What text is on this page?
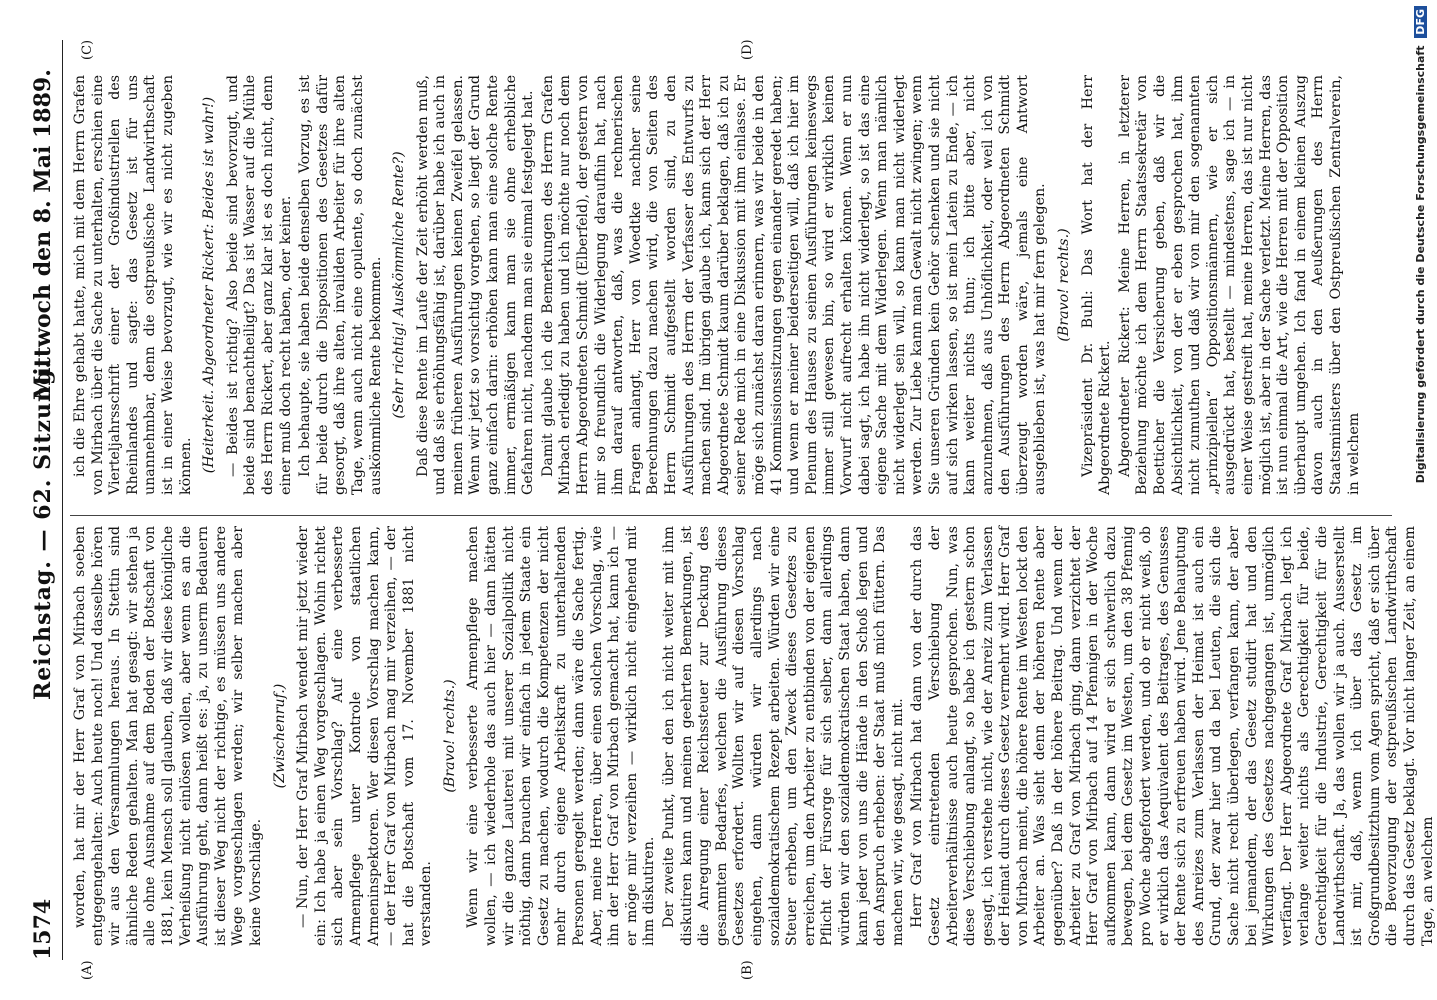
1574
Reichstag. — 62. Sitzung.
Mittwoch den 8. Mai 1889.
(A)	(B)
(C)	(D)

worden, hat mir der Herr Graf von Mirbach soeben entgegengehalten: Auch heute noch! Und dasselbe hören wir aus den Versammlungen heraus. In Stettin sind ähnliche Reden gehalten. Man hat gesagt: wir stehen ja alle ohne Ausnahme auf dem Boden der Botschaft von 1881, kein Mensch soll glauben, daß wir diese königliche Verheißung nicht einlösen wollen, aber wenn es an die Ausführung geht, dann heißt es: ja, zu unserm Bedauern ist dieser Weg nicht der richtige, es müssen uns andere Wege vorgeschlagen werden; wir selber machen aber keine Vorschläge.

(Zwischenruf.) — Nun, der Herr Graf Mirbach wendet mir jetzt wieder ein: Ich habe ja einen Weg vorgeschlagen. Wohin richtet sich aber sein Vorschlag? Auf eine verbesserte Armenpflege unter Kontrole von staatlichen Armeninspektoren. Wer diesen Vorschlag machen kann, — der Herr Graf von Mirbach mag mir verzeihen, — der hat die Botschaft vom 17. November 1881 nicht verstanden.

(Bravo! rechts.) Wenn wir eine verbesserte Armenpflege machen wollen, — ich wiederhole das auch hier — dann hätten wir die ganze Lauterei mit unserer Sozialpolitik nicht nöthig, dann brauchen wir einfach in jedem Staate ein Gesetz zu machen, wodurch die Kompetenzen der nicht mehr durch eigene Arbeitskraft zu unterhaltenden Personen geregelt werden; dann wäre die Sache fertig. Aber, meine Herren, über einen solchen Vorschlag, wie ihn der Herr Graf von Mirbach gemacht hat, kann ich — er möge mir verzeihen — wirklich nicht eingehend mit ihm diskutiren. Der zweite Punkt, über den ich nicht weiter mit ihm diskutiren kann und meinen geehrten Bemerkungen, ist die Anregung einer Reichssteuer zur Deckung des gesammten Bedarfes, welchen die Ausführung dieses Gesetzes erfordert. Wollten wir auf diesen Vorschlag eingehen, dann würden wir allerdings nach sozialdemokratischem Rezept arbeiten. Würden wir eine Steuer erheben, um den Zweck dieses Gesetzes zu erreichen, um den Arbeiter zu entbinden von der eigenen Pflicht der Fürsorge für sich selber, dann allerdings würden wir den sozialdemokratischen Staat haben, dann kann jeder von uns die Hände in den Schoß legen und den Anspruch erheben: der Staat muß mich füttern. Das machen wir, wie gesagt, nicht mit. Herr Graf von Mirbach hat dann von der durch das Gesetz eintretenden Verschiebung der Arbeiterverhältnisse auch heute gesprochen. Nun, was diese Verschiebung anlangt, so habe ich gestern schon gesagt, ich verstehe nicht, wie der Anreiz zum Verlassen der Heimat durch dieses Gesetz vermehrt wird. Herr Graf von Mirbach meint, die höhere Rente im Westen lockt den Arbeiter an. Was sieht denn der höheren Rente aber gegenüber? Daß in der höhere Beitrag. Und wenn der Arbeiter zu Graf von Mirbach ging, dann verzichtet der Herr Graf von Mirbach auf 14 Pfennigen in der Woche aufkommen kann, dann wird er sich schwerlich dazu bewegen, bei dem Gesetz im Westen, um den 38 Pfennig pro Woche abgefordert werden, und ob er nicht weiß, ob er wirklich das Aequivalent des Beitrages, des Genusses der Rente sich zu erfreuen haben wird. Jene Behauptung des Anreizes zum Verlassen der Heimat ist auch ein Grund, der zwar hier und da bei Leuten, die sich die Sache nicht recht überlegen, verfangen kann, der aber bei jemandem, der das Gesetz studirt hat und den Wirkungen des Gesetzes nachgegangen ist, unmöglich verfängt. Der Herr Abgeordnete Graf Mirbach legt ich verlange weiter nichts als Gerechtigkeit für beide, Gerechtigkeit für die Industrie, Gerechtigkeit für die Landwirthschaft. Ja, das wollen wir ja auch. Ausserstellt ist mir, daß, wenn ich über das Gesetz im Großgrundbesitzthum vom Agen spricht, daß er sich über die Bevorzugung der ostpreußischen Landwirthschaft durch das Gesetz beklagt. Vor nicht langer Zeit, an einem Tage, an welchem

ich die Ehre gehabt hatte, mich mit dem Herrn Grafen von Mirbach über die Sache zu unterhalten, erschien eine Vierteljahrsschrift einer der Großindustriellen des Rheinlandes und sagte: das Gesetz ist für uns unannehmbar, denn die ostpreußische Landwirthschaft ist in einer Weise bevorzugt, wie wir es nicht zugeben können. (Heiterkeit. Abgeordneter Rickert: Beides ist wahr!) — Beides ist richtig? Also beide sind bevorzugt, und beide sind benachtheiligt? Das ist Wasser auf die Mühle des Herrn Rickert, aber ganz klar ist es doch nicht, denn einer muß doch recht haben, oder keiner. Ich behaupte, sie haben beide denselben Vorzug, es ist für beide durch die Dispositionen des Gesetzes dafür gesorgt, daß ihre alten, invaliden Arbeiter für ihre alten Tage, wenn auch nicht eine opulente, so doch zunächst auskömmliche Rente bekommen. (Sehr richtig! Auskömmliche Rente?) Daß diese Rente im Laufe der Zeit erhöht werden muß, und daß sie erhöhungsfähig ist, darüber habe ich auch in meinen früheren Ausführungen keinen Zweifel gelassen. Wenn wir jetzt so vorsichtig vorgehen, so liegt der Grund ganz einfach darin: erhöhen kann man eine solche Rente immer, ermäßigen kann man sie ohne erhebliche Gefahren nicht, nachdem man sie einmal festgelegt hat. Damit glaube ich die Bemerkungen des Herrn Grafen Mirbach erledigt zu haben und ich möchte nur noch dem Herrn Abgeordneten Schmidt (Elberfeld), der gestern von mir so freundlich die Widerlegung daraufhin hat, nach ihm darauf antworten, daß, was die rechnerischen Fragen anlangt, Herr von Woedtke nachher seine Berechnungen dazu machen wird, die von Seiten des Herrn Schmidt aufgestellt worden sind, zu den Ausführungen des Herrn der Verfasser des Entwurfs zu machen sind. Im übrigen glaube ich, kann sich der Herr Abgeordnete Schmidt kaum darüber beklagen, daß ich zu seiner Rede mich in eine Diskussion mit ihm einlasse. Er möge sich zunächst daran erinnern, was wir beide in den 41 Kommissionssitzungen gegen einander geredet haben; und wenn er meiner beiderseitigen will, daß ich hier im Plenum des Hauses zu seinen Ausführungen keineswegs immer still gewesen bin, so wird er wirklich keinen Vorwurf nicht aufrecht erhalten können. Wenn er nun dabei sagt, ich habe ihn nicht widerlegt, so ist das eine eigene Sache mit dem Widerlegen. Wenn man nämlich nicht widerlegt sein will, so kann man nicht widerlegt werden. Zur Liebe kann man Gewalt nicht zwingen; wenn Sie unseren Gründen kein Gehör schenken und sie nicht auf sich wirken lassen, so ist mein Latein zu Ende, — ich kann weiter nichts thun; ich bitte aber, nicht anzunehmen, daß aus Unhöflichkeit, oder weil ich von den Ausführungen des Herrn Abgeordneten Schmidt überzeugt worden wäre, jemals eine Antwort ausgeblieben ist, was hat mir fern gelegen. (Bravo! rechts.) Vizepräsident Dr. Buhl: Das Wort hat der Herr Abgeordnete Rickert. Abgeordneter Rickert: Meine Herren, in letzterer Beziehung möchte ich dem Herrn Staatssekretär von Boetticher die Versicherung geben, daß wir die Absichtlichkeit, von der er eben gesprochen hat, ihm nicht zumuthen und daß wir von mir den sogenannten „prinzipiellen“ Oppositionsmännern, wie er sich ausgedrückt hat, bestellt — mindestens, sage ich — in einer Weise gestreift hat, meine Herren, das ist nur nicht möglich ist, aber in der Sache verletzt. Meine Herren, das ist nun einmal die Art, wie die Herren mit der Opposition überhaupt umgehen. Ich fand in einem kleinen Auszug davon auch in den Aeußerungen des Herrn Staatsministers über den Ostpreußischen Zentralverein, in welchem	Digitalisierung gefördert durch die Deutsche Forschungsgemeinschaft DFG
